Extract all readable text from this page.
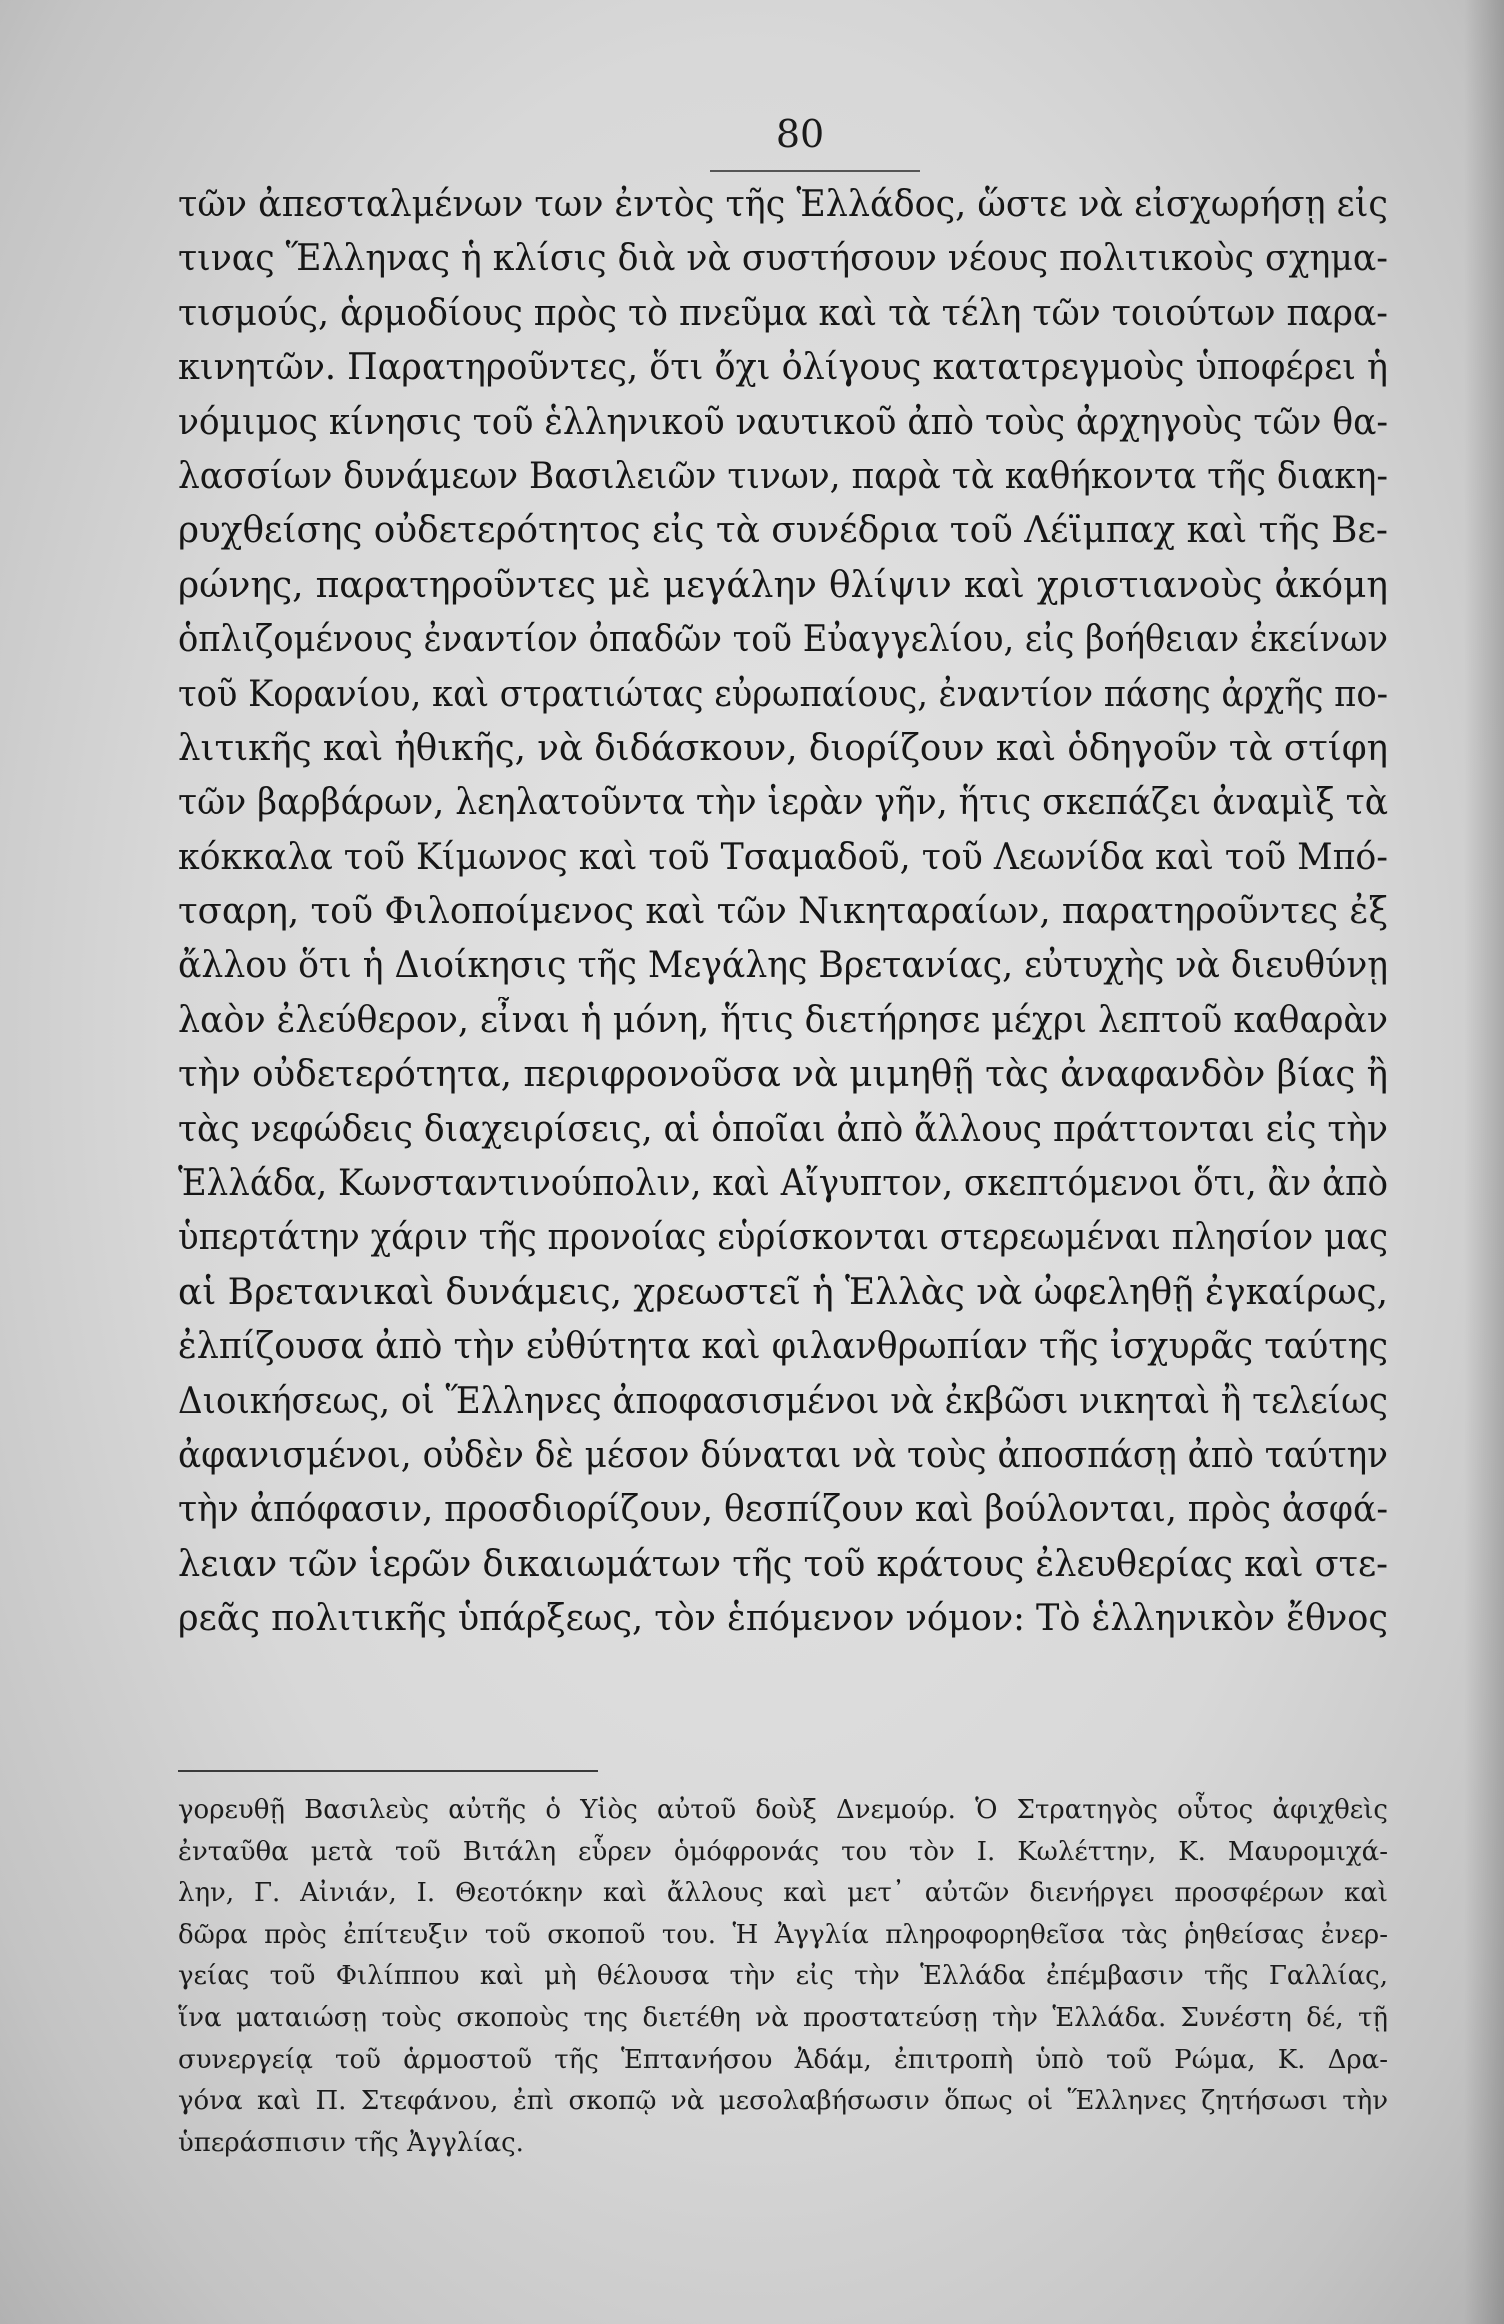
80
τῶν ἀπεσταλμένων των ἐντὸς τῆς Ἑλλάδος, ὥστε νὰ εἰσχωρήσῃ εἰς
τινας Ἕλληνας ἡ κλίσις διὰ νὰ συστήσουν νέους πολιτικοὺς σχημα-
τισμούς, ἁρμοδίους πρὸς τὸ πνεῦμα καὶ τὰ τέλη τῶν τοιούτων παρα-
κινητῶν. Παρατηροῦντες, ὅτι ὄχι ὀλίγους κατατρεγμοὺς ὑποφέρει ἡ
νόμιμος κίνησις τοῦ ἑλληνικοῦ ναυτικοῦ ἀπὸ τοὺς ἀρχηγοὺς τῶν θα-
λασσίων δυνάμεων Βασιλειῶν τινων, παρὰ τὰ καθήκοντα τῆς διακη-
ρυχθείσης οὐδετερότητος εἰς τὰ συνέδρια τοῦ Λέϊμπαχ καὶ τῆς Βε-
ρώνης, παρατηροῦντες μὲ μεγάλην θλίψιν καὶ χριστιανοὺς ἀκόμη
ὁπλιζομένους ἐναντίον ὀπαδῶν τοῦ Εὐαγγελίου, εἰς βοήθειαν ἐκείνων
τοῦ Κορανίου, καὶ στρατιώτας εὐρωπαίους, ἐναντίον πάσης ἀρχῆς πο-
λιτικῆς καὶ ἠθικῆς, νὰ διδάσκουν, διορίζουν καὶ ὁδηγοῦν τὰ στίφη
τῶν βαρβάρων, λεηλατοῦντα τὴν ἱερὰν γῆν, ἥτις σκεπάζει ἀναμὶξ τὰ
κόκκαλα τοῦ Κίμωνος καὶ τοῦ Τσαμαδοῦ, τοῦ Λεωνίδα καὶ τοῦ Μπό-
τσαρη, τοῦ Φιλοποίμενος καὶ τῶν Νικηταραίων, παρατηροῦντες ἐξ
ἄλλου ὅτι ἡ Διοίκησις τῆς Μεγάλης Βρετανίας, εὐτυχὴς νὰ διευθύνῃ
λαὸν ἐλεύθερον, εἶναι ἡ μόνη, ἥτις διετήρησε μέχρι λεπτοῦ καθαρὰν
τὴν οὐδετερότητα, περιφρονοῦσα νὰ μιμηθῇ τὰς ἀναφανδὸν βίας ἢ
τὰς νεφώδεις διαχειρίσεις, αἱ ὁποῖαι ἀπὸ ἄλλους πράττονται εἰς τὴν
Ἑλλάδα, Κωνσταντινούπολιν, καὶ Αἴγυπτον, σκεπτόμενοι ὅτι, ἂν ἀπὸ
ὑπερτάτην χάριν τῆς προνοίας εὑρίσκονται στερεωμέναι πλησίον μας
αἱ Βρετανικαὶ δυνάμεις, χρεωστεῖ ἡ Ἑλλὰς νὰ ὠφεληθῇ ἐγκαίρως,
ἐλπίζουσα ἀπὸ τὴν εὐθύτητα καὶ φιλανθρωπίαν τῆς ἰσχυρᾶς ταύτης
Διοικήσεως, οἱ Ἕλληνες ἀποφασισμένοι νὰ ἐκβῶσι νικηταὶ ἢ τελείως
ἀφανισμένοι, οὐδὲν δὲ μέσον δύναται νὰ τοὺς ἀποσπάσῃ ἀπὸ ταύτην
τὴν ἀπόφασιν, προσδιορίζουν, θεσπίζουν καὶ βούλονται, πρὸς ἀσφά-
λειαν τῶν ἱερῶν δικαιωμάτων τῆς τοῦ κράτους ἐλευθερίας καὶ στε-
ρεᾶς πολιτικῆς ὑπάρξεως, τὸν ἑπόμενον νόμον: Τὸ ἑλληνικὸν ἔθνος
γορευθῇ Βασιλεὺς αὐτῆς ὁ Υἱὸς αὐτοῦ δοὺξ Δνεμούρ. Ὁ Στρατηγὸς οὗτος ἀφιχθεὶς
ἐνταῦθα μετὰ τοῦ Βιτάλη εὗρεν ὁμόφρονάς του τὸν Ι. Κωλέττην, Κ. Μαυρομιχά-
λην, Γ. Αἰνιάν, Ι. Θεοτόκην καὶ ἄλλους καὶ μετ᾽ αὐτῶν διενήργει προσφέρων καὶ
δῶρα πρὸς ἐπίτευξιν τοῦ σκοποῦ του. Ἡ Ἀγγλία πληροφορηθεῖσα τὰς ῥηθείσας ἐνερ-
γείας τοῦ Φιλίππου καὶ μὴ θέλουσα τὴν εἰς τὴν Ἑλλάδα ἐπέμβασιν τῆς Γαλλίας,
ἵνα ματαιώσῃ τοὺς σκοποὺς της διετέθη νὰ προστατεύσῃ τὴν Ἑλλάδα. Συνέστη δέ, τῇ
συνεργείᾳ τοῦ ἁρμοστοῦ τῆς Ἑπτανήσου Ἀδάμ, ἐπιτροπὴ ὑπὸ τοῦ Ρώμα, Κ. Δρα-
γόνα καὶ Π. Στεφάνου, ἐπὶ σκοπῷ νὰ μεσολαβήσωσιν ὅπως οἱ Ἕλληνες ζητήσωσι τὴν
ὑπεράσπισιν τῆς Ἀγγλίας.
